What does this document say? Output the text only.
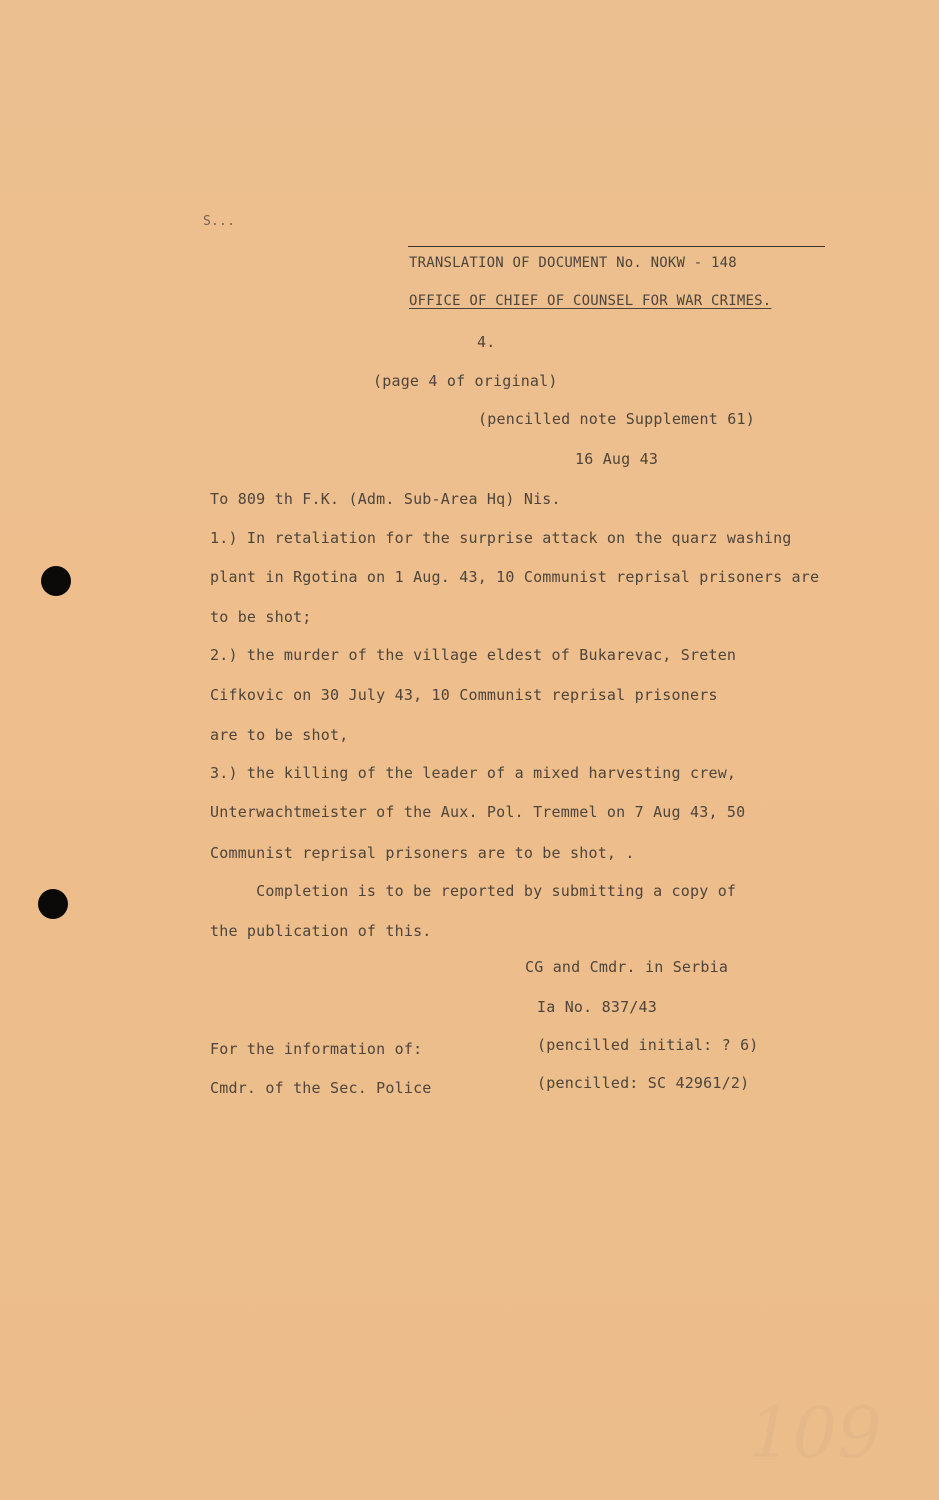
S...
TRANSLATION OF DOCUMENT No. NOKW - 148
OFFICE OF CHIEF OF COUNSEL FOR WAR CRIMES.
4.
(page 4 of original)
(pencilled note Supplement 61)
16 Aug 43
To 809 th F.K. (Adm. Sub-Area Hq) Nis.
1.) In retaliation for the surprise attack on the quarz washing
plant in Rgotina on 1 Aug. 43, 10 Communist reprisal prisoners are
to be shot;
2.) the murder of the village eldest of Bukarevac, Sreten
Cifkovic on 30 July 43, 10 Communist reprisal prisoners
are to be shot,
3.) the killing of the leader of a mixed harvesting crew,
Unterwachtmeister of the Aux. Pol. Tremmel on 7 Aug 43, 50
Communist reprisal prisoners are to be shot, .
Completion is to be reported by submitting a copy of
the publication of this.
CG and Cmdr. in Serbia
Ia No. 837/43
(pencilled initial: ? 6)
(pencilled: SC 42961/2)
For the information of:
Cmdr. of the Sec. Police
109
